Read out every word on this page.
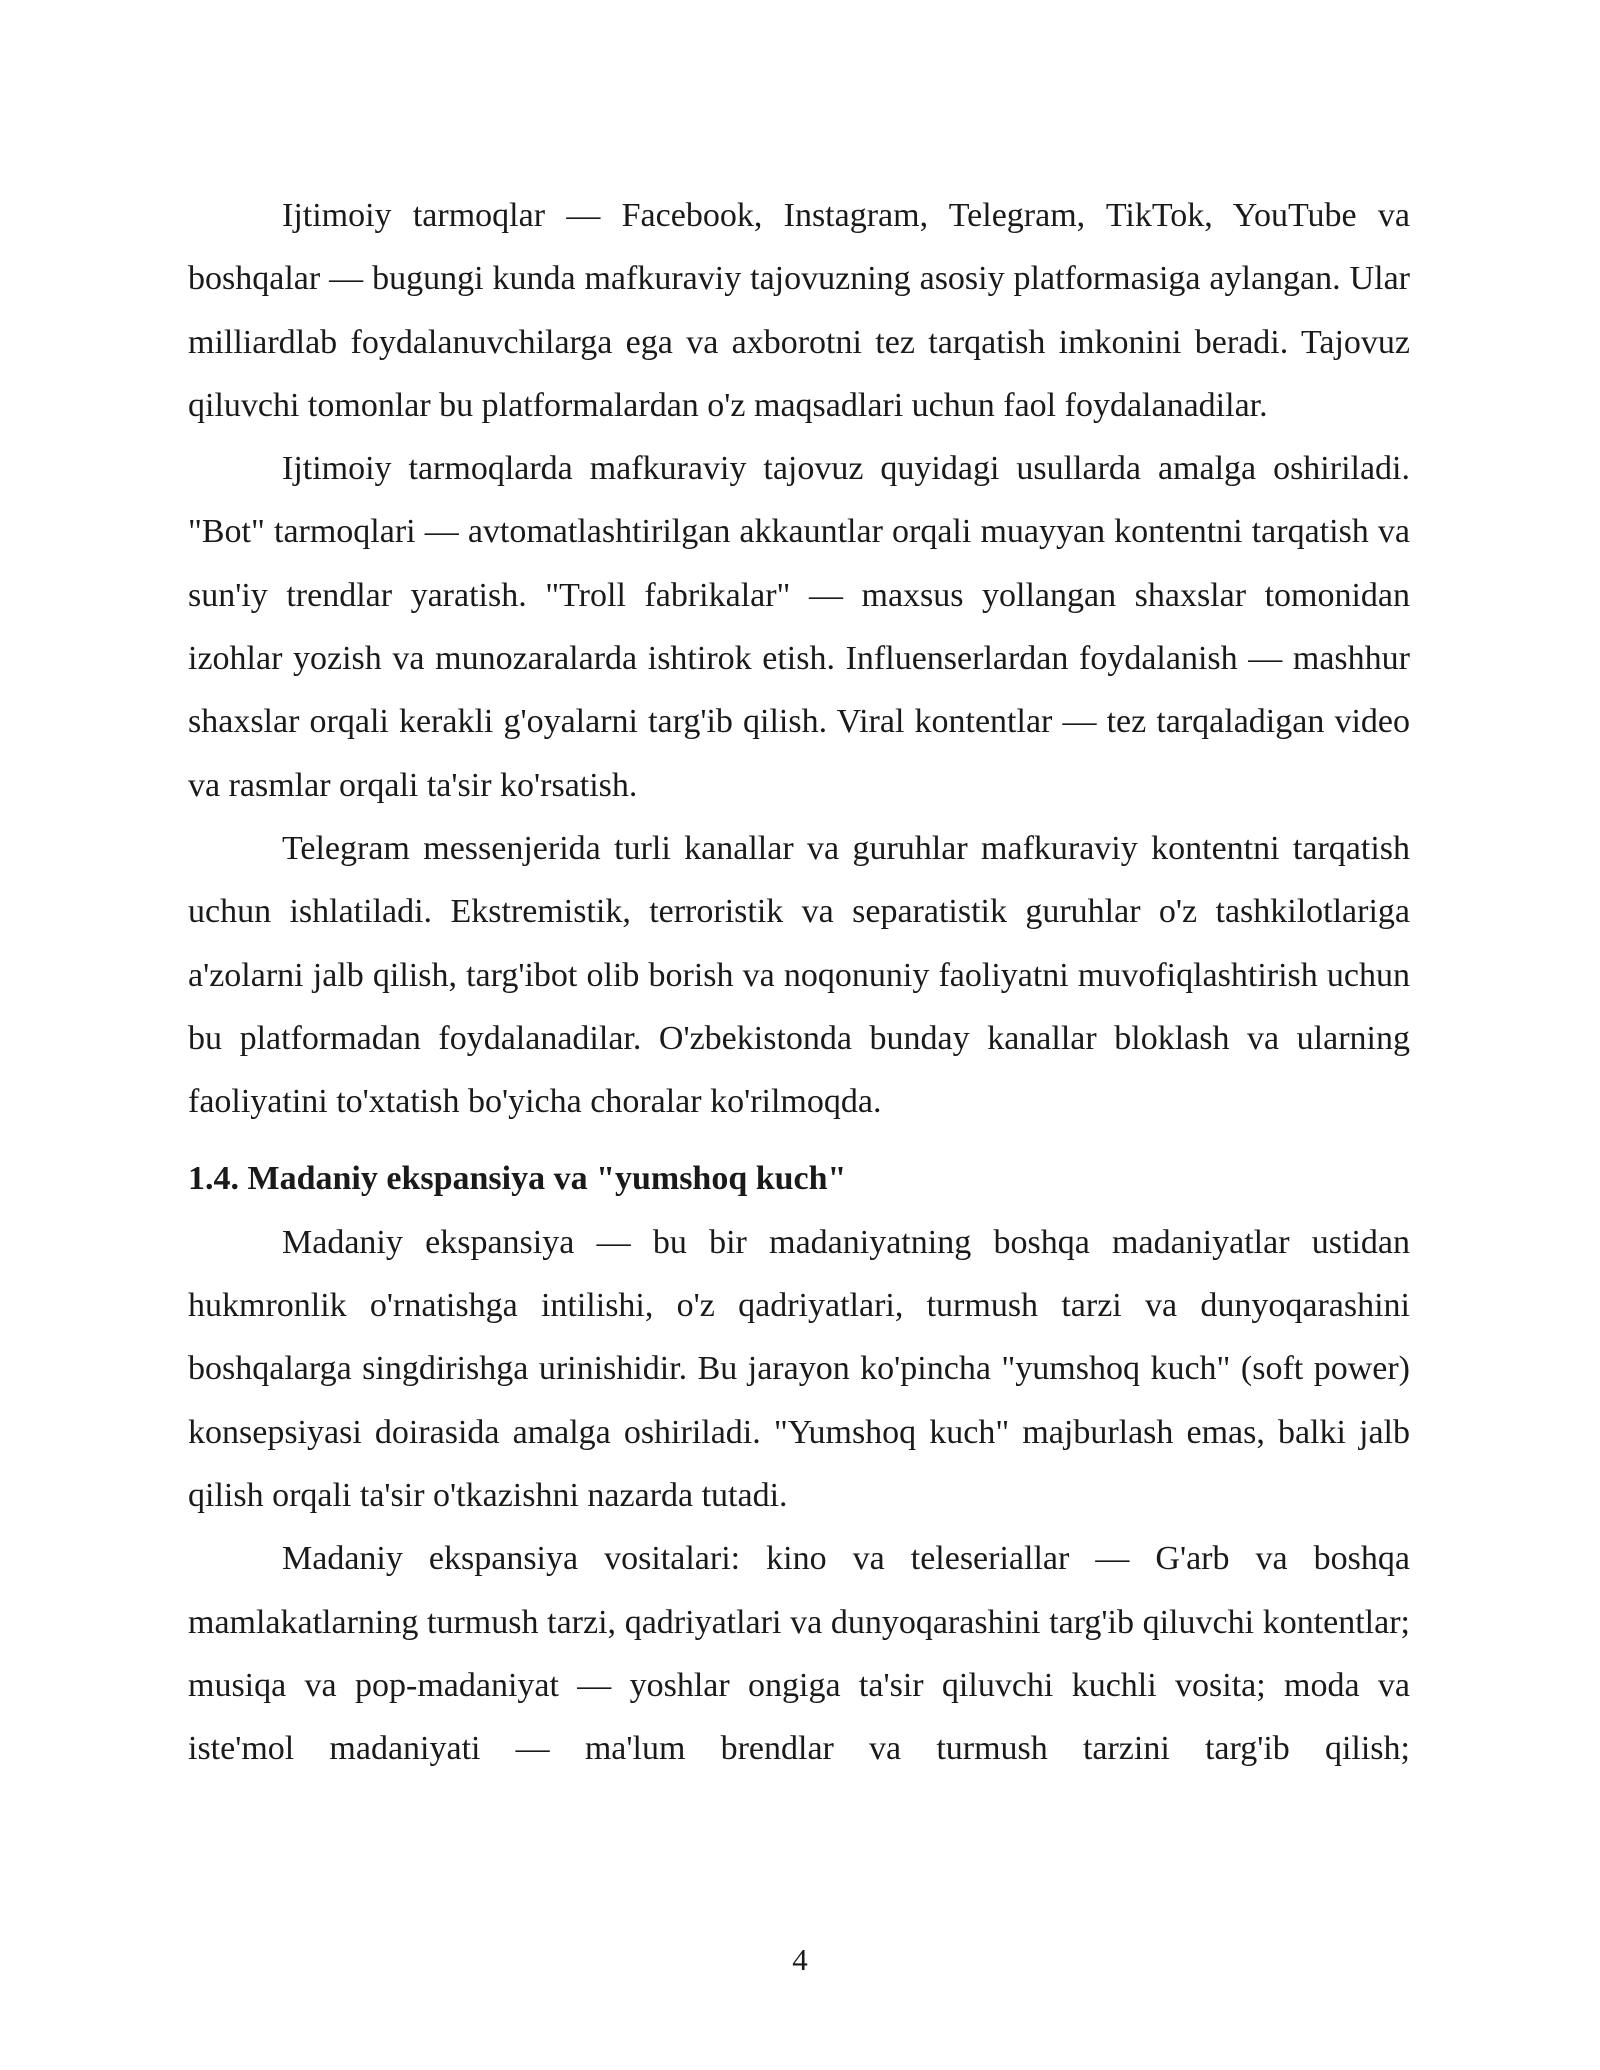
Ijtimoiy tarmoqlar — Facebook, Instagram, Telegram, TikTok, YouTube va boshqalar — bugungi kunda mafkuraviy tajovuzning asosiy platformasiga aylangan. Ular milliardlab foydalanuvchilarga ega va axborotni tez tarqatish imkonini beradi. Tajovuz qiluvchi tomonlar bu platformalardan o'z maqsadlari uchun faol foydalanadilar.

Ijtimoiy tarmoqlarda mafkuraviy tajovuz quyidagi usullarda amalga oshiriladi. "Bot" tarmoqlari — avtomatlashtirilgan akkauntlar orqali muayyan kontentni tarqatish va sun'iy trendlar yaratish. "Troll fabrikalar" — maxsus yollangan shaxslar tomonidan izohlar yozish va munozaralarda ishtirok etish. Influenserlardan foydalanish — mashhur shaxslar orqali kerakli g'oyalarni targ'ib qilish. Viral kontentlar — tez tarqaladigan video va rasmlar orqali ta'sir ko'rsatish.

Telegram messenjerida turli kanallar va guruhlar mafkuraviy kontentni tarqatish uchun ishlatiladi. Ekstremistik, terroristik va separatistik guruhlar o'z tashkilotlariga a'zolarni jalb qilish, targ'ibot olib borish va noqonuniy faoliyatni muvofiqlashtirish uchun bu platformadan foydalanadilar. O'zbekistonda bunday kanallar bloklash va ularning faoliyatini to'xtatish bo'yicha choralar ko'rilmoqda.

1.4. Madaniy ekspansiya va "yumshoq kuch"

Madaniy ekspansiya — bu bir madaniyatning boshqa madaniyatlar ustidan hukmronlik o'rnatishga intilishi, o'z qadriyatlari, turmush tarzi va dunyoqarashini boshqalarga singdirishga urinishidir. Bu jarayon ko'pincha "yumshoq kuch" (soft power) konsepsiyasi doirasida amalga oshiriladi. "Yumshoq kuch" majburlash emas, balki jalb qilish orqali ta'sir o'tkazishni nazarda tutadi.

Madaniy ekspansiya vositalari: kino va teleseriallar — G'arb va boshqa mamlakatlarning turmush tarzi, qadriyatlari va dunyoqarashini targ'ib qiluvchi kontentlar; musiqa va pop-madaniyat — yoshlar ongiga ta'sir qiluvchi kuchli vosita; moda va iste'mol madaniyati — ma'lum brendlar va turmush tarzini targ'ib qilish;

4
